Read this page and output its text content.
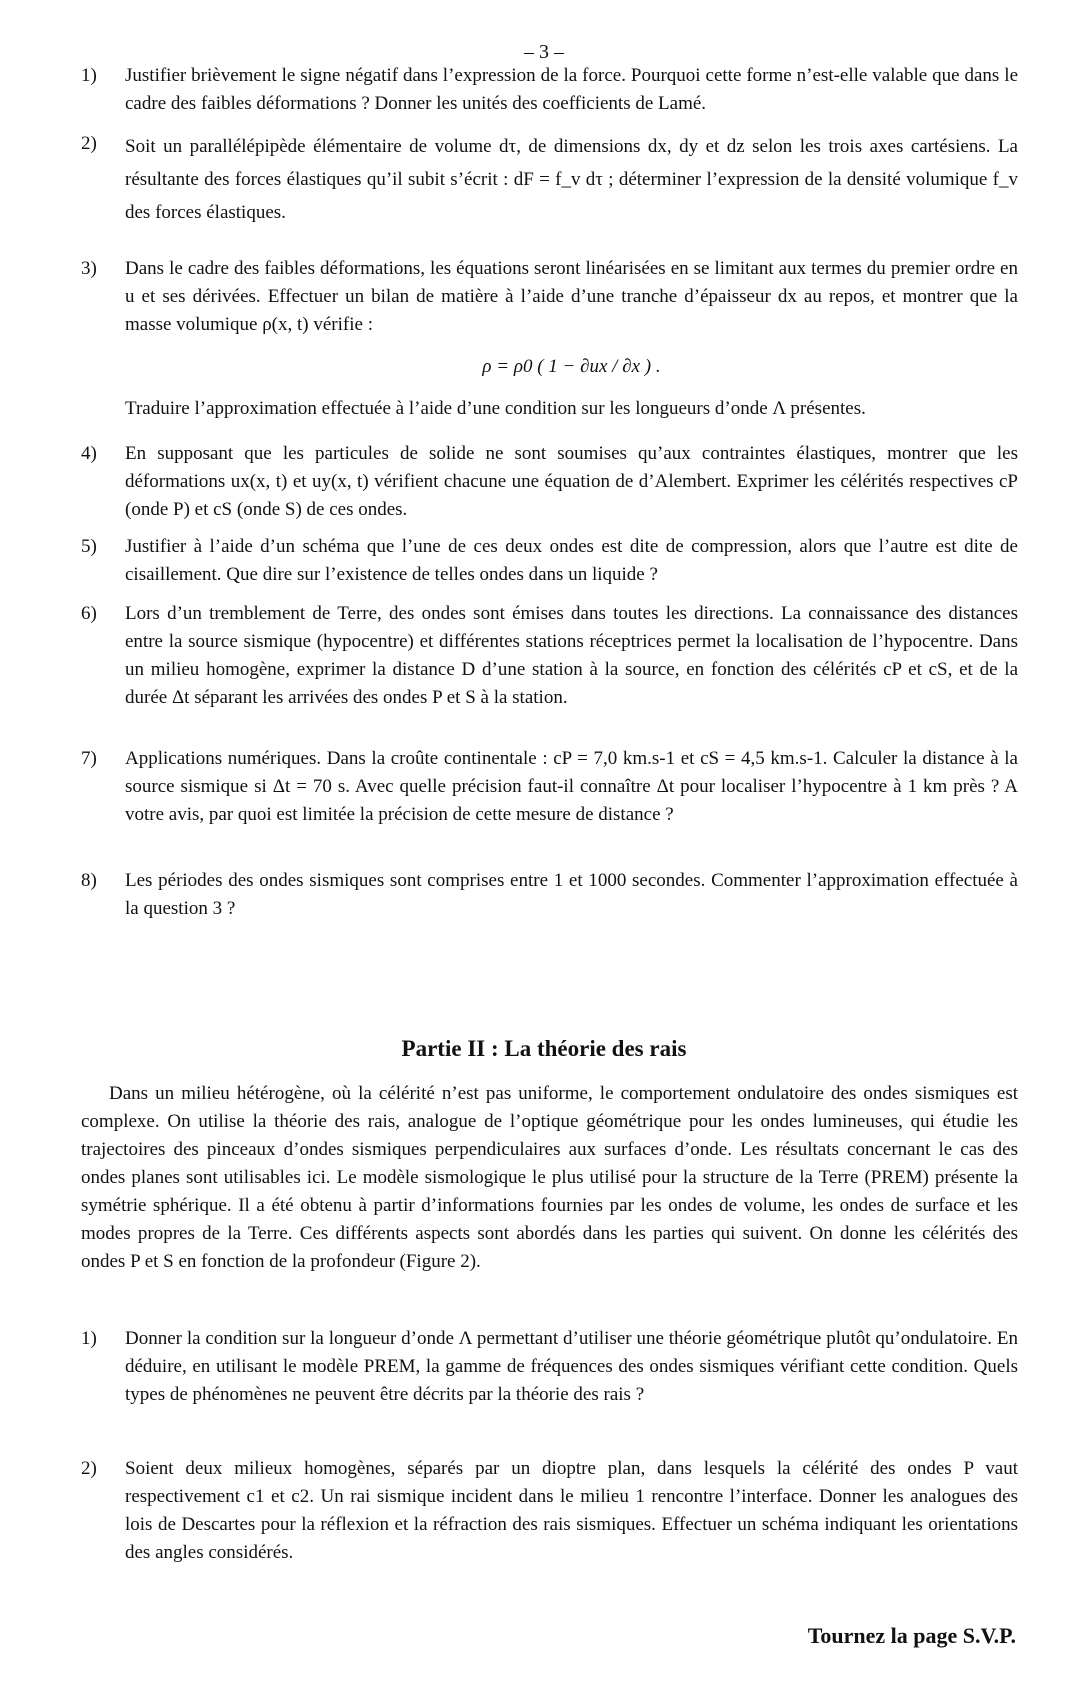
– 3 –
1)	Justifier brièvement le signe négatif dans l’expression de la force. Pourquoi cette forme n’est-elle valable que dans le cadre des faibles déformations ? Donner les unités des coefficients de Lamé.

2)	Soit un parallélépipède élémentaire de volume dτ, de dimensions dx, dy et dz selon les trois axes cartésiens. La résultante des forces élastiques qu’il subit s’écrit : dF = f_v dτ ; déterminer l’expression de la densité volumique f_v des forces élastiques.

3)	Dans le cadre des faibles déformations, les équations seront linéarisées en se limitant aux termes du premier ordre en u et ses dérivées. Effectuer un bilan de matière à l’aide d’une tranche d’épaisseur dx au repos, et montrer que la masse volumique ρ(x, t) vérifie :

ρ = ρ0 ( 1 − ∂ux / ∂x ) .

Traduire l’approximation effectuée à l’aide d’une condition sur les longueurs d’onde Λ présentes.

4)	En supposant que les particules de solide ne sont soumises qu’aux contraintes élastiques, montrer que les déformations ux(x, t) et uy(x, t) vérifient chacune une équation de d’Alembert. Exprimer les célérités respectives cP (onde P) et cS (onde S) de ces ondes.

5)	Justifier à l’aide d’un schéma que l’une de ces deux ondes est dite de compression, alors que l’autre est dite de cisaillement. Que dire sur l’existence de telles ondes dans un liquide ?

6)	Lors d’un tremblement de Terre, des ondes sont émises dans toutes les directions. La connaissance des distances entre la source sismique (hypocentre) et différentes stations réceptrices permet la localisation de l’hypocentre. Dans un milieu homogène, exprimer la distance D d’une station à la source, en fonction des célérités cP et cS, et de la durée Δt séparant les arrivées des ondes P et S à la station.

7)	Applications numériques. Dans la croûte continentale : cP = 7,0 km.s-1 et cS = 4,5 km.s-1. Calculer la distance à la source sismique si Δt = 70 s. Avec quelle précision faut-il connaître Δt pour localiser l’hypocentre à 1 km près ? A votre avis, par quoi est limitée la précision de cette mesure de distance ?

8)	Les périodes des ondes sismiques sont comprises entre 1 et 1000 secondes. Commenter l’approximation effectuée à la question 3 ?

Partie II : La théorie des rais
Dans un milieu hétérogène, où la célérité n’est pas uniforme, le comportement ondulatoire des ondes sismiques est complexe. On utilise la théorie des rais, analogue de l’optique géométrique pour les ondes lumineuses, qui étudie les trajectoires des pinceaux d’ondes sismiques perpendiculaires aux surfaces d’onde. Les résultats concernant le cas des ondes planes sont utilisables ici. Le modèle sismologique le plus utilisé pour la structure de la Terre (PREM) présente la symétrie sphérique. Il a été obtenu à partir d’informations fournies par les ondes de volume, les ondes de surface et les modes propres de la Terre. Ces différents aspects sont abordés dans les parties qui suivent. On donne les célérités des ondes P et S en fonction de la profondeur (Figure 2).
1)	Donner la condition sur la longueur d’onde Λ permettant d’utiliser une théorie géométrique plutôt qu’ondulatoire. En déduire, en utilisant le modèle PREM, la gamme de fréquences des ondes sismiques vérifiant cette condition. Quels types de phénomènes ne peuvent être décrits par la théorie des rais ?

2)	Soient deux milieux homogènes, séparés par un dioptre plan, dans lesquels la célérité des ondes P vaut respectivement c1 et c2. Un rai sismique incident dans le milieu 1 rencontre l’interface. Donner les analogues des lois de Descartes pour la réflexion et la réfraction des rais sismiques. Effectuer un schéma indiquant les orientations des angles considérés.

Tournez la page S.V.P.
